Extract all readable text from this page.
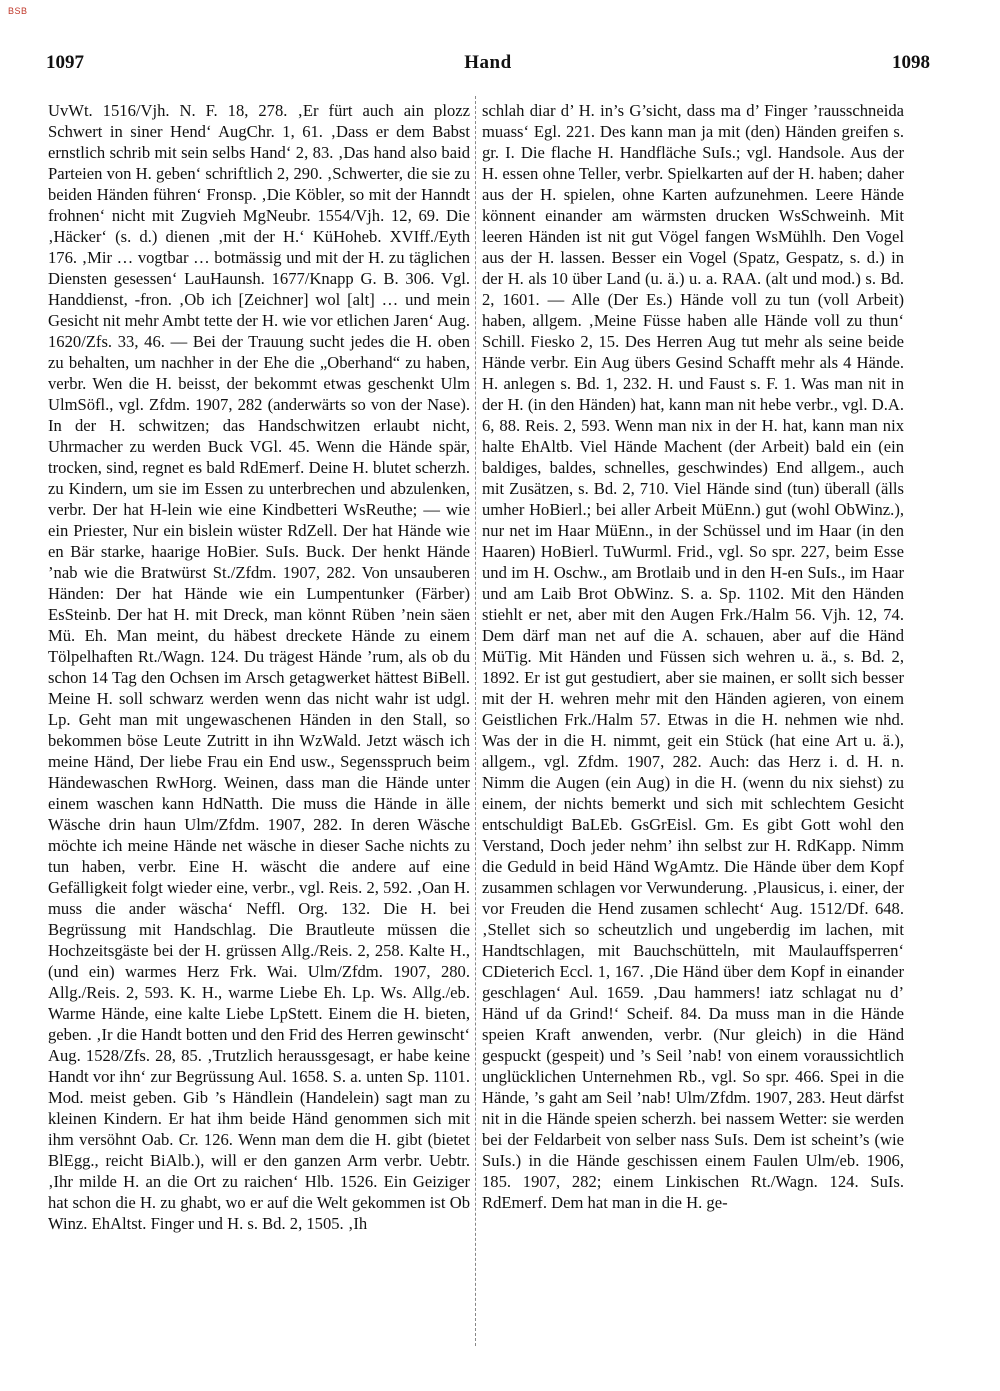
BSB
1097	Hand	1098

UvWt. 1516/Vjh. N. F. 18, 278. ‚Er fürt auch ain plozz Schwert in siner Hend‘ AugChr. 1, 61. ‚Dass er dem Babst ernstlich schrib mit sein selbs Hand‘ 2, 83. ‚Das hand also baid Parteien von H. geben‘ schriftlich 2, 290. ‚Schwerter, die sie zu beiden Händen führen‘ Fronsp. ‚Die Köbler, so mit der Hanndt frohnen‘ nicht mit Zugvieh MgNeubr. 1554/Vjh. 12, 69. Die ‚Häcker‘ (s. d.) dienen ‚mit der H.‘ KüHoheb. XVIff./Eyth 176. ‚Mir … vogtbar … botmässig und mit der H. zu täglichen Diensten gesessen‘ LauHaunsh. 1677/Knapp G. B. 306. Vgl. Handdienst, -fron. ‚Ob ich [Zeichner] wol [alt] … und mein Gesicht nit mehr Ambt tette der H. wie vor etlichen Jaren‘ Aug. 1620/Zfs. 33, 46. — Bei der Trauung sucht jedes die H. oben zu behalten, um nachher in der Ehe die „Oberhand“ zu haben, verbr. Wen die H. beisst, der bekommt etwas geschenkt Ulm UlmSöfl., vgl. Zfdm. 1907, 282 (anderwärts so von der Nase). In der H. schwitzen; das Handschwitzen erlaubt nicht, Uhrmacher zu werden Buck VGl. 45. Wenn die Hände spär, trocken, sind, regnet es bald RdEmerf. Deine H. blutet scherzh. zu Kindern, um sie im Essen zu unterbrechen und abzulenken, verbr. Der hat H-lein wie eine Kindbetteri WsReuthe; — wie ein Priester, Nur ein bislein wüster RdZell. Der hat Hände wie en Bär starke, haarige HoBier. SuIs. Buck. Der henkt Hände ’nab wie die Bratwürst St./Zfdm. 1907, 282. Von unsauberen Händen: Der hat Hände wie ein Lumpentunker (Färber) EsSteinb. Der hat H. mit Dreck, man könnt Rüben ’nein säen Mü. Eh. Man meint, du häbest dreckete Hände zu einem Tölpelhaften Rt./Wagn. 124. Du trägest Hände ’rum, als ob du schon 14 Tag den Ochsen im Arsch getagwerket hättest BiBell. Meine H. soll schwarz werden wenn das nicht wahr ist udgl. Lp. Geht man mit ungewaschenen Händen in den Stall, so bekommen böse Leute Zutritt in ihn WzWald. Jetzt wäsch ich meine Händ, Der liebe Frau ein End usw., Segensspruch beim Händewaschen RwHorg. Weinen, dass man die Hände unter einem waschen kann HdNatth. Die muss die Hände in älle Wäsche drin haun Ulm/Zfdm. 1907, 282. In deren Wäsche möchte ich meine Hände net wäsche in dieser Sache nichts zu tun haben, verbr. Eine H. wäscht die andere auf eine Gefälligkeit folgt wieder eine, verbr., vgl. Reis. 2, 592. ‚Oan H. muss die ander wäscha‘ Neffl. Org. 132. Die H. bei Begrüssung mit Handschlag. Die Brautleute müssen die Hochzeitsgäste bei der H. grüssen Allg./Reis. 2, 258. Kalte H., (und ein) warmes Herz Frk. Wai. Ulm/Zfdm. 1907, 280. Allg./Reis. 2, 593. K. H., warme Liebe Eh. Lp. Ws. Allg./eb. Warme Hände, eine kalte Liebe LpStett. Einem die H. bieten, geben. ‚Ir die Handt botten und den Frid des Herren gewinscht‘ Aug. 1528/Zfs. 28, 85. ‚Trutzlich heraussgesagt, er habe keine Handt vor ihn‘ zur Begrüssung Aul. 1658. S. a. unten Sp. 1101. Mod. meist geben. Gib ’s Händlein (Handelein) sagt man zu kleinen Kindern. Er hat ihm beide Händ genommen sich mit ihm versöhnt Oab. Cr. 126. Wenn man dem die H. gibt (bietet BlEgg., reicht BiAlb.), will er den ganzen Arm verbr. Uebtr. ‚Ihr milde H. an die Ort zu raichen‘ Hlb. 1526. Ein Geiziger hat schon die H. zu ghabt, wo er auf die Welt gekommen ist Ob Winz. EhAltst. Finger und H. s. Bd. 2, 1505. ‚Ih

schlah diar d’ H. in’s G’sicht, dass ma d’ Finger ’rausschneida muass‘ Egl. 221. Des kann man ja mit (den) Händen greifen s. gr. I. Die flache H. Handfläche SuIs.; vgl. Handsole. Aus der H. essen ohne Teller, verbr. Spielkarten auf der H. haben; daher aus der H. spielen, ohne Karten aufzunehmen. Leere Hände könnent einander am wärmsten drucken WsSchweinh. Mit leeren Händen ist nit gut Vögel fangen WsMühlh. Den Vogel aus der H. lassen. Besser ein Vogel (Spatz, Gespatz, s. d.) in der H. als 10 über Land (u. ä.) u. a. RAA. (alt und mod.) s. Bd. 2, 1601. — Alle (Der Es.) Hände voll zu tun (voll Arbeit) haben, allgem. ‚Meine Füsse haben alle Hände voll zu thun‘ Schill. Fiesko 2, 15. Des Herren Aug tut mehr als seine beide Hände verbr. Ein Aug übers Gesind Schafft mehr als 4 Hände. H. anlegen s. Bd. 1, 232. H. und Faust s. F. 1. Was man nit in der H. (in den Händen) hat, kann man nit hebe verbr., vgl. D.A. 6, 88. Reis. 2, 593. Wenn man nix in der H. hat, kann man nix halte EhAltb. Viel Hände Machent (der Arbeit) bald ein (ein baldiges, baldes, schnelles, geschwindes) End allgem., auch mit Zusätzen, s. Bd. 2, 710. Viel Hände sind (tun) überall (älls umher HoBierl.; bei aller Arbeit MüEnn.) gut (wohl ObWinz.), nur net im Haar MüEnn., in der Schüssel und im Haar (in den Haaren) HoBierl. TuWurml. Frid., vgl. So spr. 227, beim Esse und im H. Oschw., am Brotlaib und in den H-en SuIs., im Haar und am Laib Brot ObWinz. S. a. Sp. 1102. Mit den Händen stiehlt er net, aber mit den Augen Frk./Halm 56. Vjh. 12, 74. Dem därf man net auf die A. schauen, aber auf die Händ MüTig. Mit Händen und Füssen sich wehren u. ä., s. Bd. 2, 1892. Er ist gut gestudiert, aber sie mainen, er sollt sich besser mit der H. wehren mehr mit den Händen agieren, von einem Geistlichen Frk./Halm 57. Etwas in die H. nehmen wie nhd. Was der in die H. nimmt, geit ein Stück (hat eine Art u. ä.), allgem., vgl. Zfdm. 1907, 282. Auch: das Herz i. d. H. n. Nimm die Augen (ein Aug) in die H. (wenn du nix siehst) zu einem, der nichts bemerkt und sich mit schlechtem Gesicht entschuldigt BaLEb. GsGrEisl. Gm. Es gibt Gott wohl den Verstand, Doch jeder nehm’ ihn selbst zur H. RdKapp. Nimm die Geduld in beid Händ WgAmtz. Die Hände über dem Kopf zusammen schlagen vor Verwunderung. ‚Plausicus, i. einer, der vor Freuden die Hend zusamen schlecht‘ Aug. 1512/Df. 648. ‚Stellet sich so scheutzlich und ungeberdig im lachen, mit Handtschlagen, mit Bauchschütteln, mit Maulauffsperren‘ CDieterich Eccl. 1, 167. ‚Die Händ über dem Kopf in einander geschlagen‘ Aul. 1659. ‚Dau hammers! iatz schlagat nu d’ Händ uf da Grind!‘ Scheif. 84. Da muss man in die Hände speien Kraft anwenden, verbr. (Nur gleich) in die Händ gespuckt (gespeit) und ’s Seil ’nab! von einem voraussichtlich unglücklichen Unternehmen Rb., vgl. So spr. 466. Spei in die Hände, ’s gaht am Seil ’nab! Ulm/Zfdm. 1907, 283. Heut därfst nit in die Hände speien scherzh. bei nassem Wetter: sie werden bei der Feldarbeit von selber nass SuIs. Dem ist scheint’s (wie SuIs.) in die Hände geschissen einem Faulen Ulm/eb. 1906, 185. 1907, 282; einem Linkischen Rt./Wagn. 124. SuIs. RdEmerf. Dem hat man in die H. ge-
